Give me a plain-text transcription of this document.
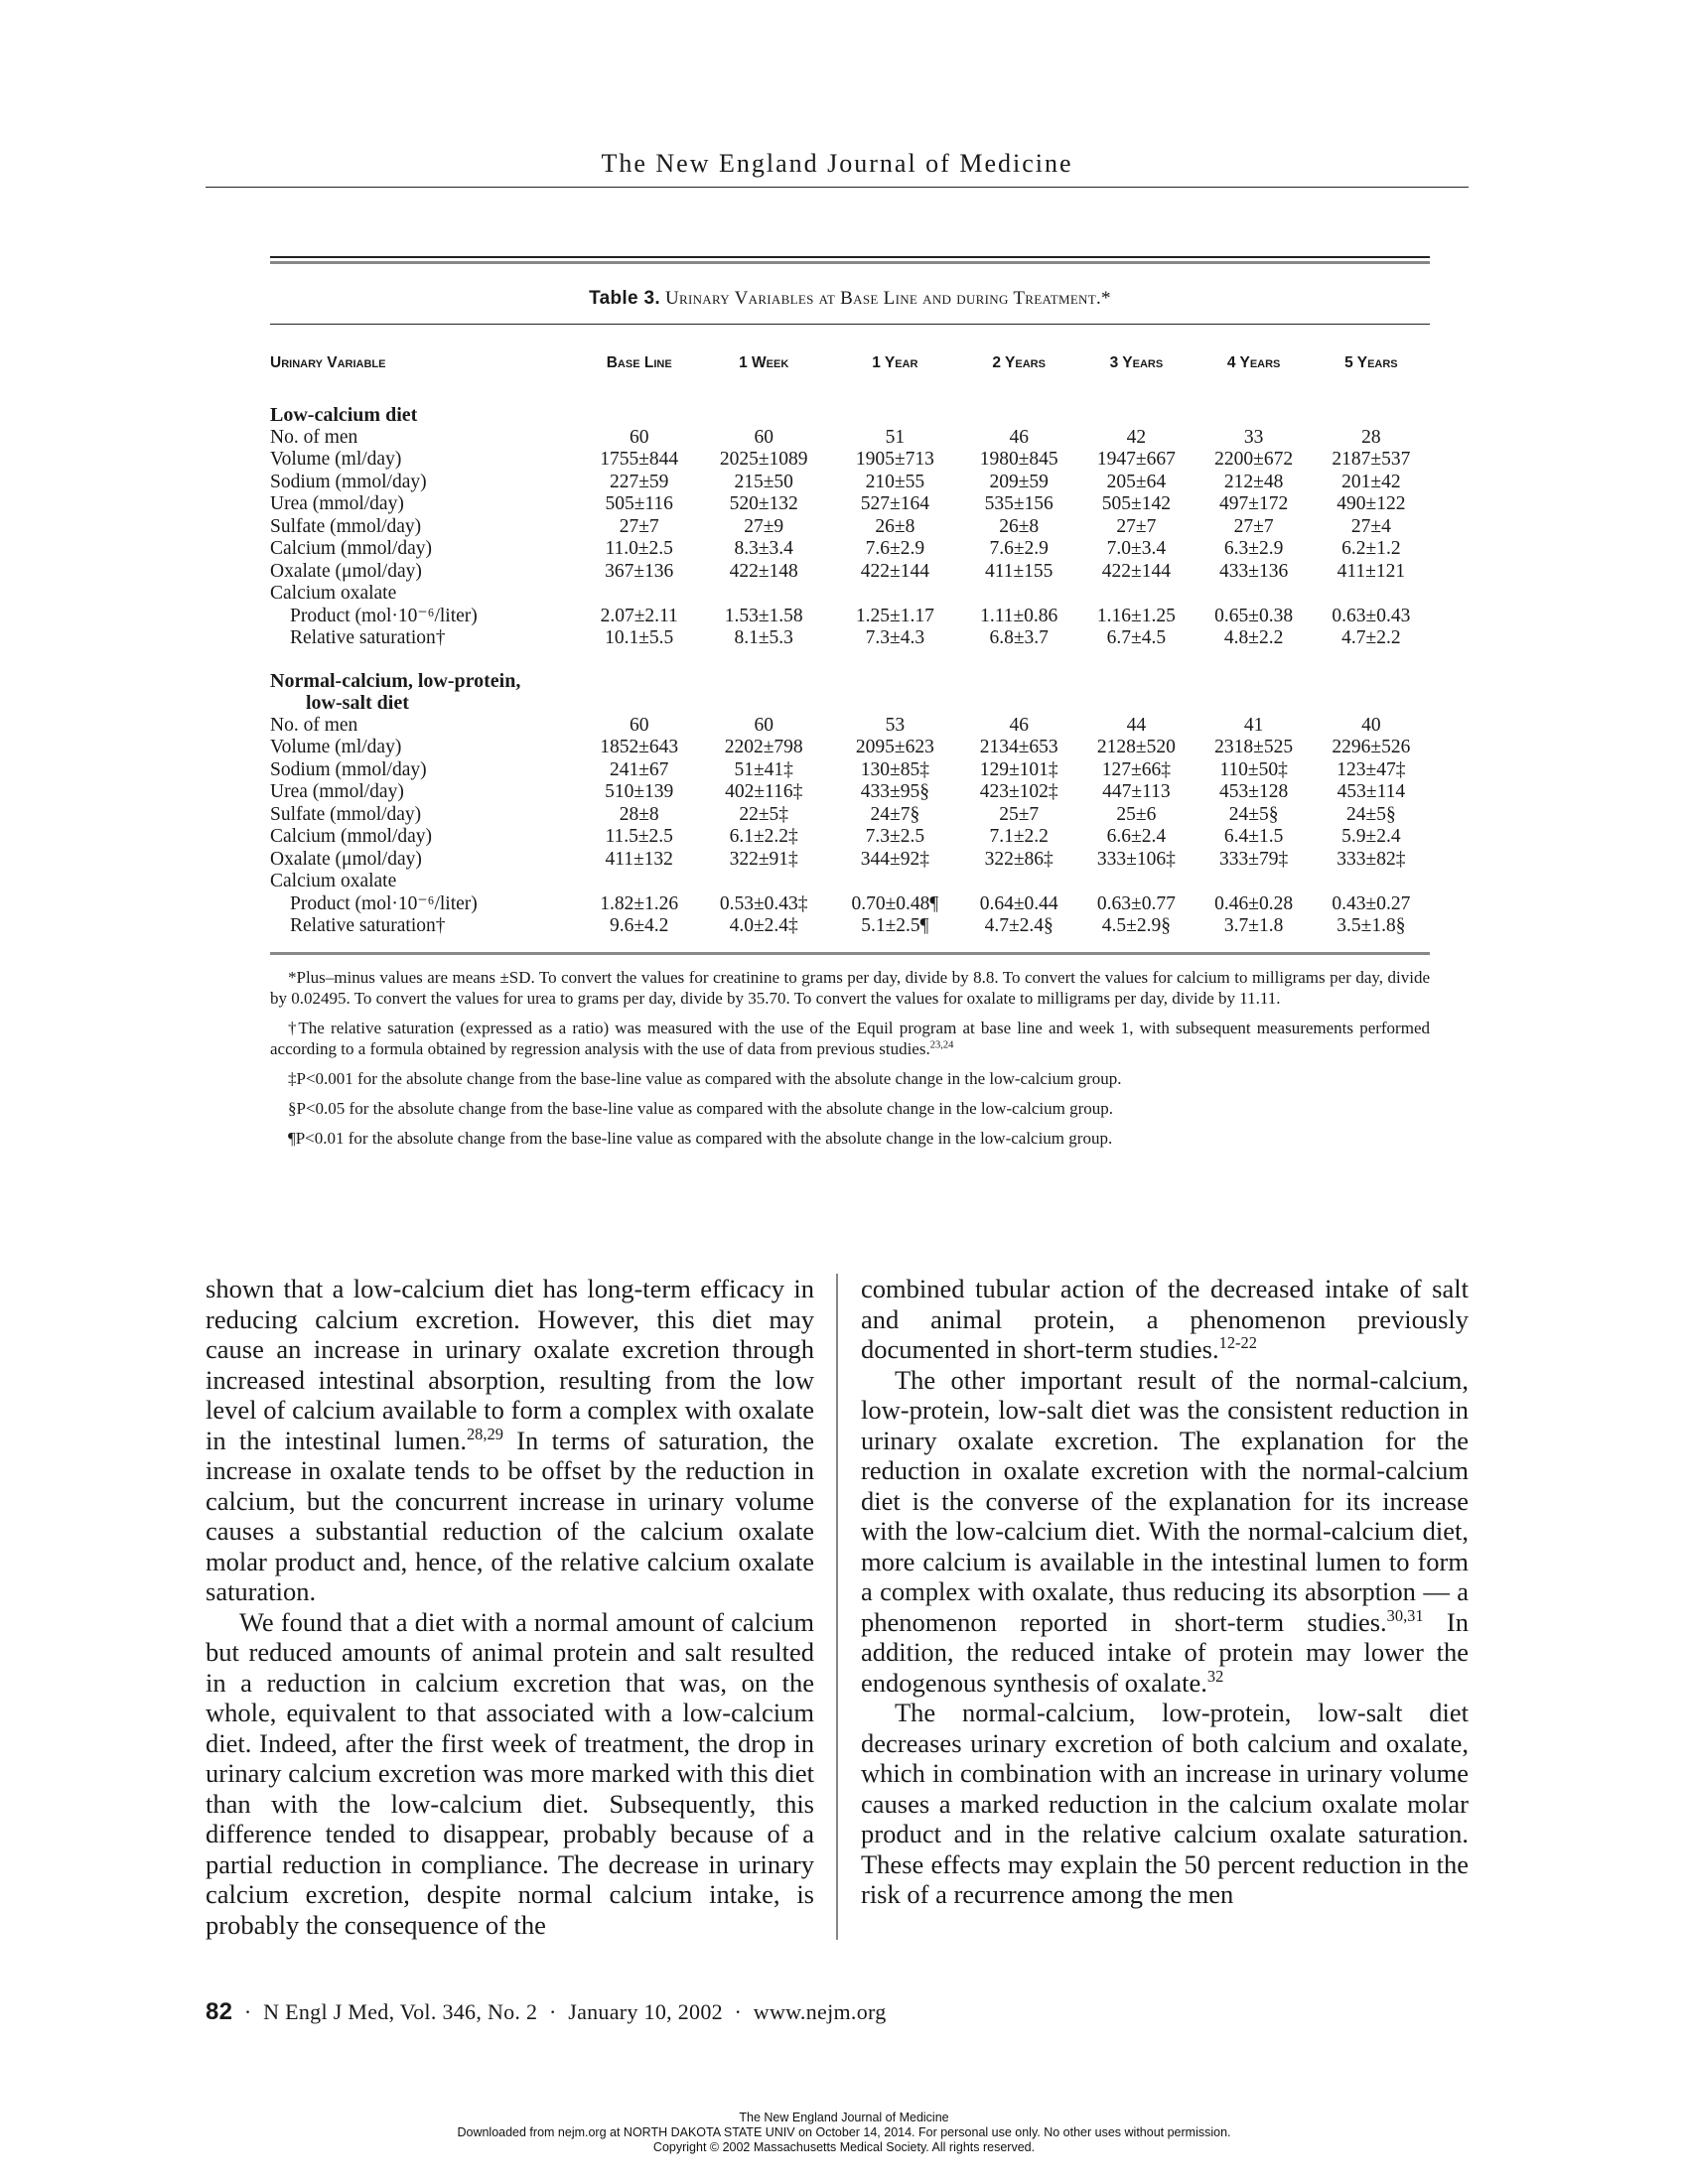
The New England Journal of Medicine
Table 3. Urinary Variables at Base Line and during Treatment.*
Urinary Variable	Base Line	1 Week	1 Year	2 Years	3 Years	4 Years	5 Years
Low-calcium diet							
No. of men	60	60	51	46	42	33	28
Volume (ml/day)	1755±844	2025±1089	1905±713	1980±845	1947±667	2200±672	2187±537
Sodium (mmol/day)	227±59	215±50	210±55	209±59	205±64	212±48	201±42
Urea (mmol/day)	505±116	520±132	527±164	535±156	505±142	497±172	490±122
Sulfate (mmol/day)	27±7	27±9	26±8	26±8	27±7	27±7	27±4
Calcium (mmol/day)	11.0±2.5	8.3±3.4	7.6±2.9	7.6±2.9	7.0±3.4	6.3±2.9	6.2±1.2
Oxalate (μmol/day)	367±136	422±148	422±144	411±155	422±144	433±136	411±121
Calcium oxalate							
Product (mol·10⁻⁶/liter)	2.07±2.11	1.53±1.58	1.25±1.17	1.11±0.86	1.16±1.25	0.65±0.38	0.63±0.43
Relative saturation†	10.1±5.5	8.1±5.3	7.3±4.3	6.8±3.7	6.7±4.5	4.8±2.2	4.7±2.2

Normal-calcium, low-protein,
low-salt diet							

No. of men	60	60	53	46	44	41	40
Volume (ml/day)	1852±643	2202±798	2095±623	2134±653	2128±520	2318±525	2296±526
Sodium (mmol/day)	241±67	51±41‡	130±85‡	129±101‡	127±66‡	110±50‡	123±47‡
Urea (mmol/day)	510±139	402±116‡	433±95§	423±102‡	447±113	453±128	453±114
Sulfate (mmol/day)	28±8	22±5‡	24±7§	25±7	25±6	24±5§	24±5§
Calcium (mmol/day)	11.5±2.5	6.1±2.2‡	7.3±2.5	7.1±2.2	6.6±2.4	6.4±1.5	5.9±2.4
Oxalate (μmol/day)	411±132	322±91‡	344±92‡	322±86‡	333±106‡	333±79‡	333±82‡
Calcium oxalate							
Product (mol·10⁻⁶/liter)	1.82±1.26	0.53±0.43‡	0.70±0.48¶	0.64±0.44	0.63±0.77	0.46±0.28	0.43±0.27
Relative saturation†	9.6±4.2	4.0±2.4‡	5.1±2.5¶	4.7±2.4§	4.5±2.9§	3.7±1.8	3.5±1.8§

*Plus–minus values are means ±SD. To convert the values for creatinine to grams per day, divide by 8.8. To convert the values for calcium to milligrams per day, divide by 0.02495. To convert the values for urea to grams per day, divide by 35.70. To convert the values for oxalate to milligrams per day, divide by 11.11.

†The relative saturation (expressed as a ratio) was measured with the use of the Equil program at base line and week 1, with subsequent measurements performed according to a formula obtained by regression analysis with the use of data from previous studies.$^{23,24}$

‡P<0.001 for the absolute change from the base-line value as compared with the absolute change in the low-calcium group.

§P<0.05 for the absolute change from the base-line value as compared with the absolute change in the low-calcium group.

¶P<0.01 for the absolute change from the base-line value as compared with the absolute change in the low-calcium group.

shown that a low-calcium diet has long-term efficacy in reducing calcium excretion. However, this diet may cause an increase in urinary oxalate excretion through increased intestinal absorption, resulting from the low level of calcium available to form a complex with oxalate in the intestinal lumen.$^{28,29}$ In terms of saturation, the increase in oxalate tends to be offset by the reduction in calcium, but the concurrent increase in urinary volume causes a substantial reduction of the calcium oxalate molar product and, hence, of the relative calcium oxalate saturation.

We found that a diet with a normal amount of calcium but reduced amounts of animal protein and salt resulted in a reduction in calcium excretion that was, on the whole, equivalent to that associated with a low-calcium diet. Indeed, after the first week of treatment, the drop in urinary calcium excretion was more marked with this diet than with the low-calcium diet. Subsequently, this difference tended to disappear, probably because of a partial reduction in compliance. The decrease in urinary calcium excretion, despite normal calcium intake, is probably the consequence of the

combined tubular action of the decreased intake of salt and animal protein, a phenomenon previously documented in short-term studies.$^{12-22}$

The other important result of the normal-calcium, low-protein, low-salt diet was the consistent reduction in urinary oxalate excretion. The explanation for the reduction in oxalate excretion with the normal-calcium diet is the converse of the explanation for its increase with the low-calcium diet. With the normal-calcium diet, more calcium is available in the intestinal lumen to form a complex with oxalate, thus reducing its absorption — a phenomenon reported in short-term studies.$^{30,31}$ In addition, the reduced intake of protein may lower the endogenous synthesis of oxalate.$^{32}$

The normal-calcium, low-protein, low-salt diet decreases urinary excretion of both calcium and oxalate, which in combination with an increase in urinary volume causes a marked reduction in the calcium oxalate molar product and in the relative calcium oxalate saturation. These effects may explain the 50 percent reduction in the risk of a recurrence among the men

82 · N Engl J Med, Vol. 346, No. 2 · January 10, 2002 · www.nejm.org
The New England Journal of Medicine
Downloaded from nejm.org at NORTH DAKOTA STATE UNIV on October 14, 2014. For personal use only. No other uses without permission.
Copyright © 2002 Massachusetts Medical Society. All rights reserved.
